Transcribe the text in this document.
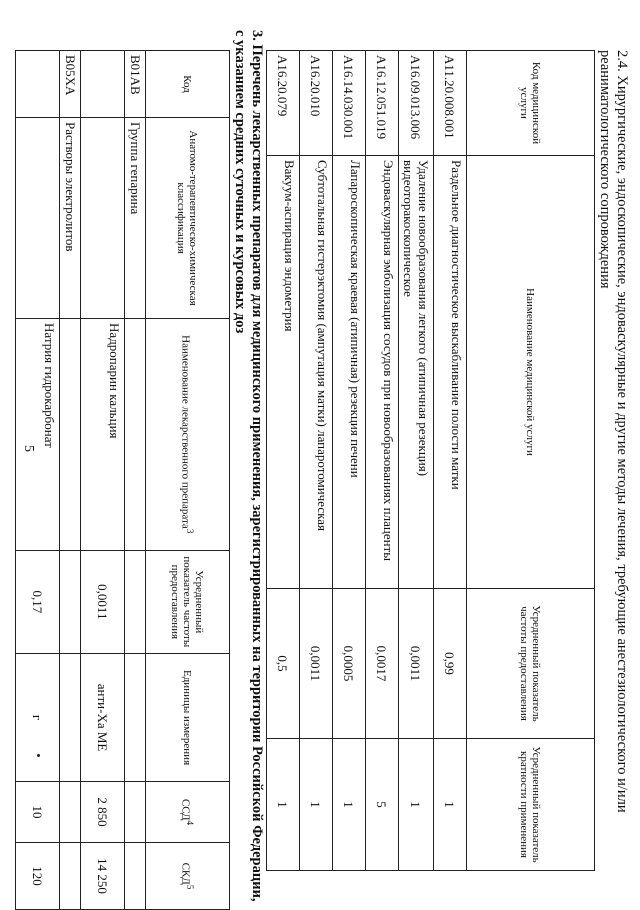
5	2.4. Хирургические, эндоскопические, эндоваскулярные и другие методы лечения, требующие анестезиологического и/или реаниматологического сопровождения

Код медицинской услуги	Наименование медицинской услуги	Усредненный показатель частоты предоставления	Усредненный показатель кратности применения
A11.20.008.001	Раздельное диагностическое выскабливание полости матки	0,99	1
A16.09.013.006	Удаление новообразования легкого (атипичная резекция) видеоторакоскопическое	0,0011	1
A16.12.051.019	Эндоваскулярная эмболизация сосудов при новообразованиях плаценты	0,0017	5
A16.14.030.001	Лапароскопическая краевая (атипичная) резекция печени	0,0005	1
A16.20.010	Субтотальная гистерэктомия (ампутация матки) лапаротомическая	0,0011	1
A16.20.079	Вакуум-аспирация эндометрия	0,5	1

3. Перечень лекарственных препаратов для медицинского применения, зарегистрированных на территории Российской Федерации, с указанием средних суточных и курсовых доз

Код	Анатомо-терапевтическо-химическая классификация	Наименование лекарственного препарата$^3$	Усредненный показатель частоты предоставления	Единицы измерения	ССД$^4$	СКД$^5$
B01AB	Группа гепарина					
		Надропарин кальция	0,0011	анти-Ха МЕ	2 850	14 250
B05XA	Растворы электролитов					
		Натрия гидрокарбонат	0,17	г	10	120
